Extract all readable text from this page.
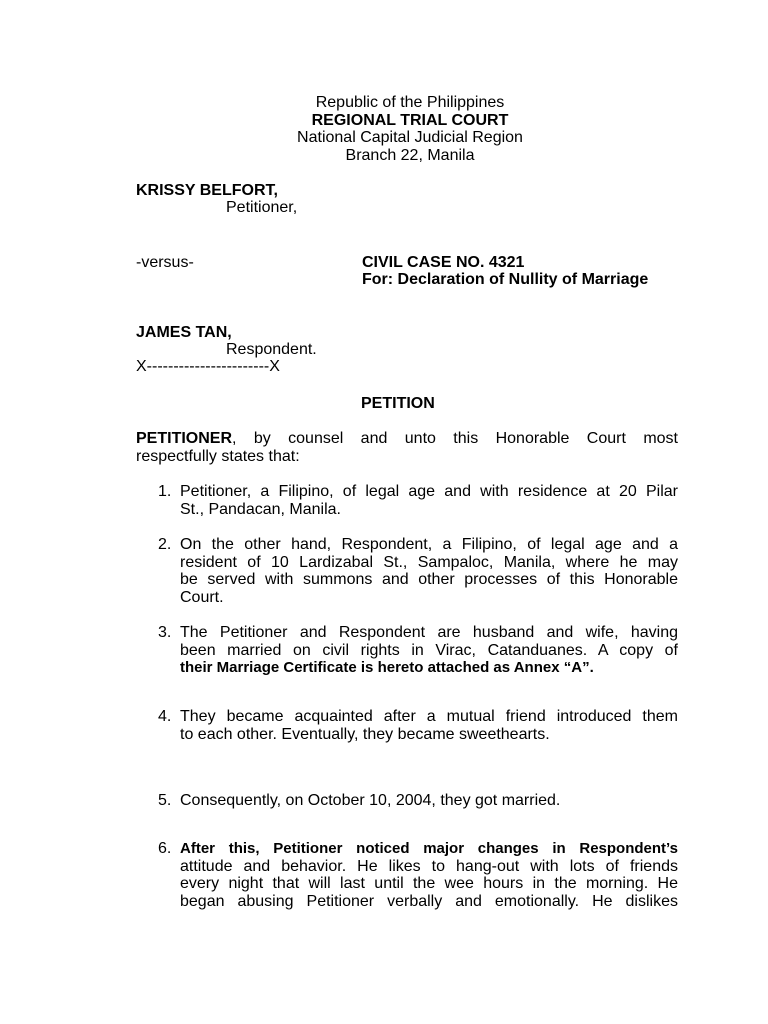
Republic of the Philippines
REGIONAL TRIAL COURT
National Capital Judicial Region
Branch 22, Manila
KRISSY BELFORT,
Petitioner,
-versus-	CIVIL CASE NO. 4321
For: Declaration of Nullity of Marriage
JAMES TAN,
Respondent.
X-----------------------X
PETITION
PETITIONER, by counsel and unto this Honorable Court most
respectfully states that:
1. Petitioner, a Filipino, of legal age and with residence at 20 Pilar
St., Pandacan, Manila.
2. On the other hand, Respondent, a Filipino, of legal age and a
resident of 10 Lardizabal St., Sampaloc, Manila, where he may
be served with summons and other processes of this Honorable
Court.
3. The Petitioner and Respondent are husband and wife, having
been married on civil rights in Virac, Catanduanes. A copy of
their Marriage Certificate is hereto attached as Annex “A”.
4. They became acquainted after a mutual friend introduced them
to each other. Eventually, they became sweethearts.
5. Consequently, on October 10, 2004, they got married.
6. After this, Petitioner noticed major changes in Respondent’s
attitude and behavior. He likes to hang-out with lots of friends
every night that will last until the wee hours in the morning. He
began abusing Petitioner verbally and emotionally. He dislikes
